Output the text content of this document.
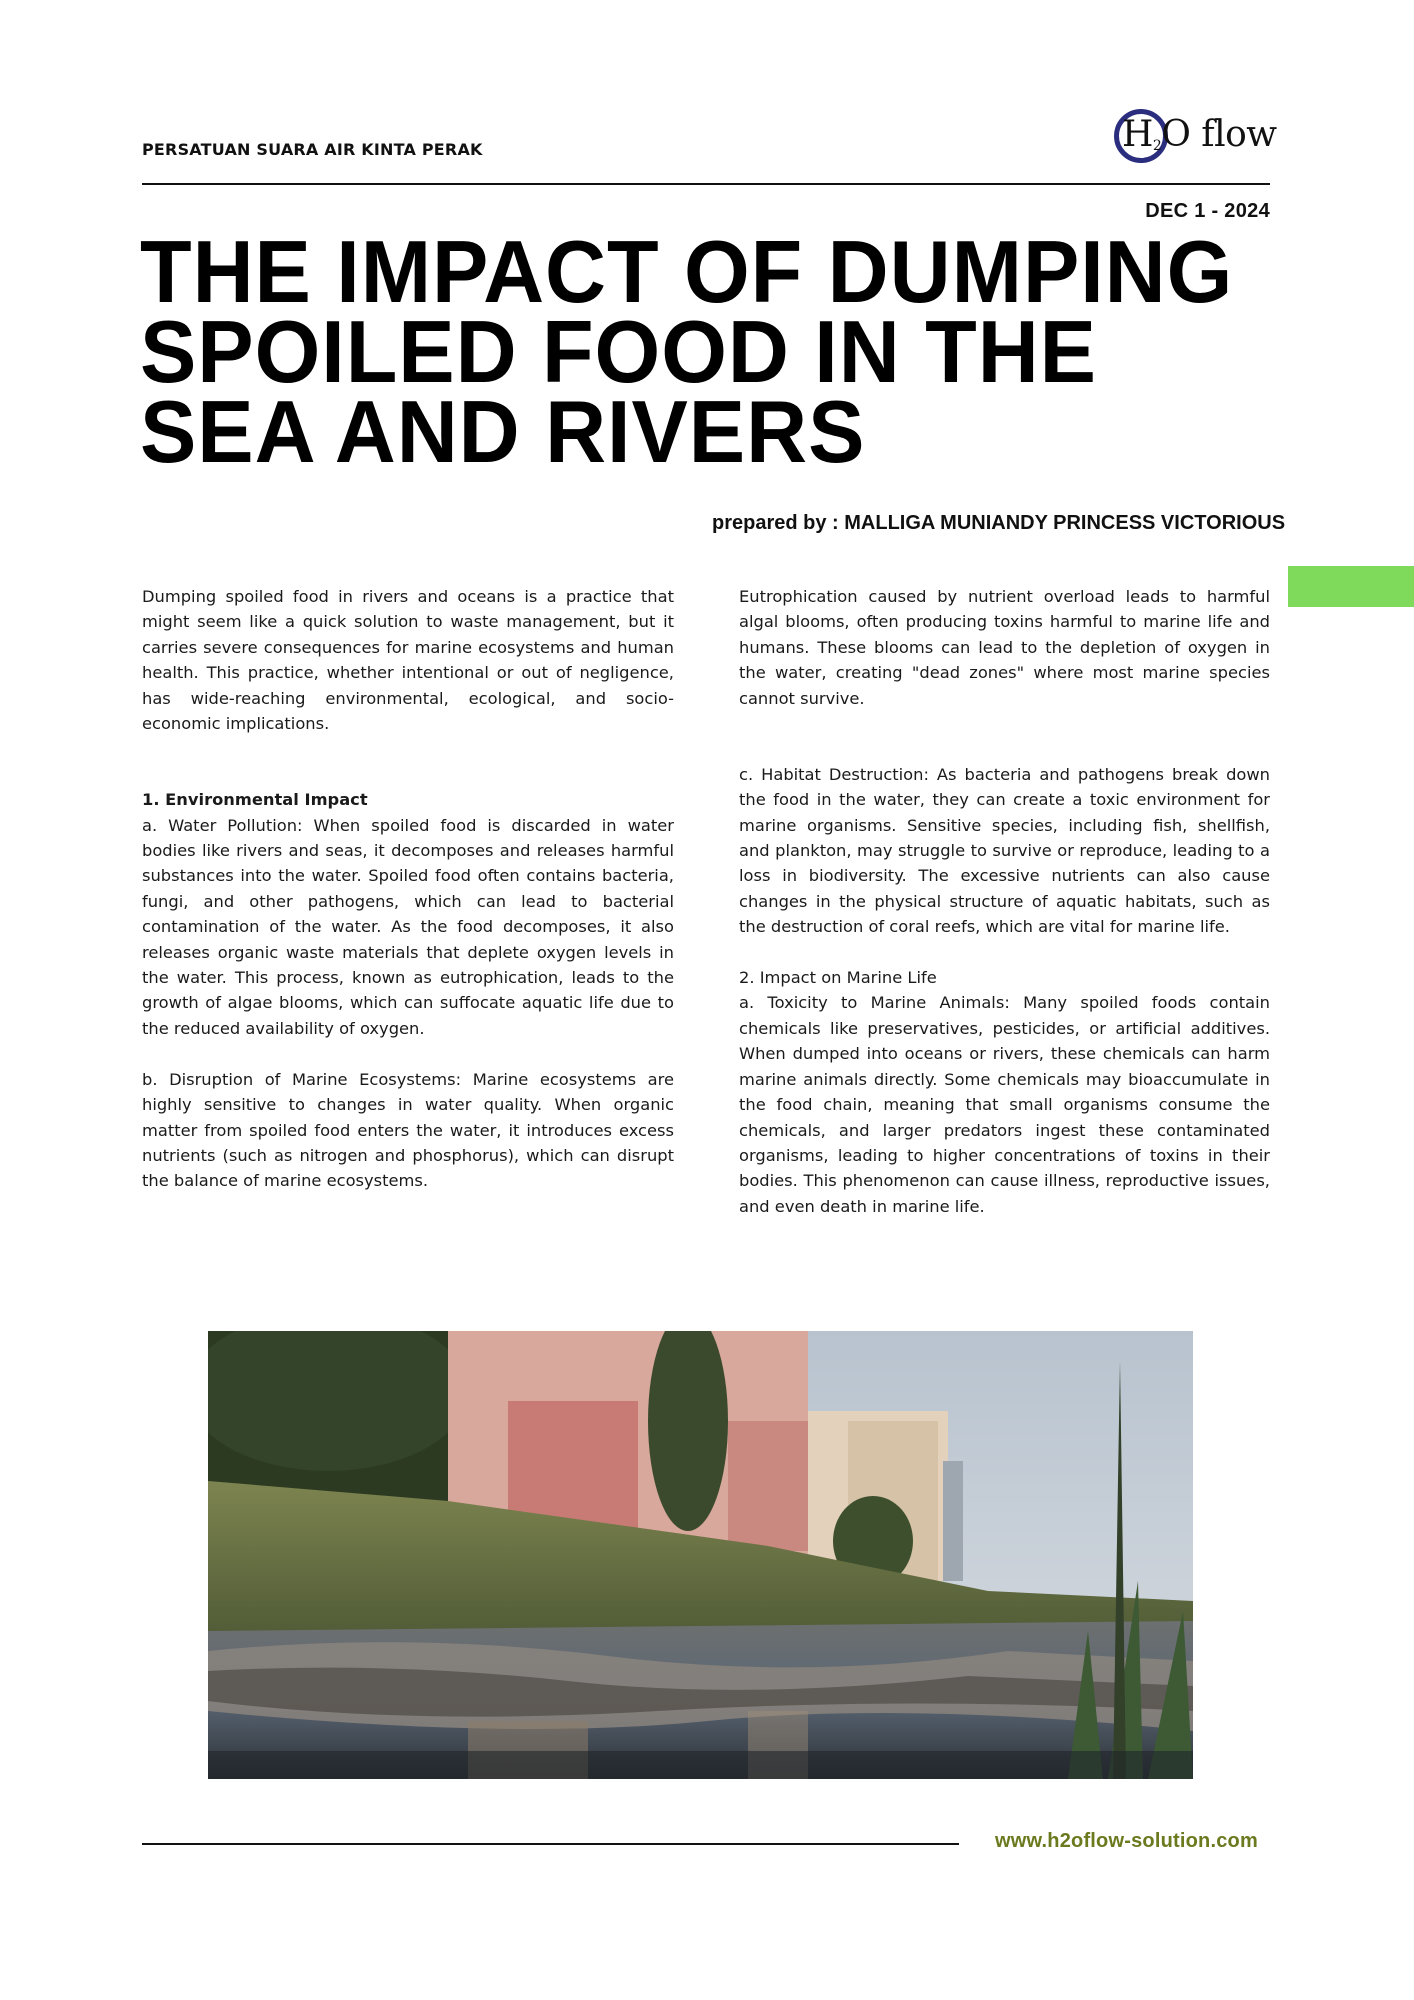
PERSATUAN SUARA AIR KINTA PERAK	$H_2O$ flow
DEC 1 - 2024
THE IMPACT OF DUMPING
SPOILED FOOD IN THE
SEA AND RIVERS
prepared by : MALLIGA MUNIANDY PRINCESS VICTORIOUS

Dumping spoiled food in rivers and oceans is a practice that might seem like a quick solution to waste management, but it carries severe consequences for marine ecosystems and human health. This practice, whether intentional or out of negligence, has wide-reaching environmental, ecological, and socio-economic implications.

1. Environmental Impact

a. Water Pollution: When spoiled food is discarded in water bodies like rivers and seas, it decomposes and releases harmful substances into the water. Spoiled food often contains bacteria, fungi, and other pathogens, which can lead to bacterial contamination of the water. As the food decomposes, it also releases organic waste materials that deplete oxygen levels in the water. This process, known as eutrophication, leads to the growth of algae blooms, which can suffocate aquatic life due to the reduced availability of oxygen.

b. Disruption of Marine Ecosystems: Marine ecosystems are highly sensitive to changes in water quality. When organic matter from spoiled food enters the water, it introduces excess nutrients (such as nitrogen and phosphorus), which can disrupt the balance of marine ecosystems.

Eutrophication caused by nutrient overload leads to harmful algal blooms, often producing toxins harmful to marine life and humans. These blooms can lead to the depletion of oxygen in the water, creating "dead zones" where most marine species cannot survive.

c. Habitat Destruction: As bacteria and pathogens break down the food in the water, they can create a toxic environment for marine organisms. Sensitive species, including fish, shellfish, and plankton, may struggle to survive or reproduce, leading to a loss in biodiversity. The excessive nutrients can also cause changes in the physical structure of aquatic habitats, such as the destruction of coral reefs, which are vital for marine life.

2. Impact on Marine Life

a. Toxicity to Marine Animals: Many spoiled foods contain chemicals like preservatives, pesticides, or artificial additives. When dumped into oceans or rivers, these chemicals can harm marine animals directly. Some chemicals may bioaccumulate in the food chain, meaning that small organisms consume the chemicals, and larger predators ingest these contaminated organisms, leading to higher concentrations of toxins in their bodies. This phenomenon can cause illness, reproductive issues, and even death in marine life.

www.h2oflow-solution.com
